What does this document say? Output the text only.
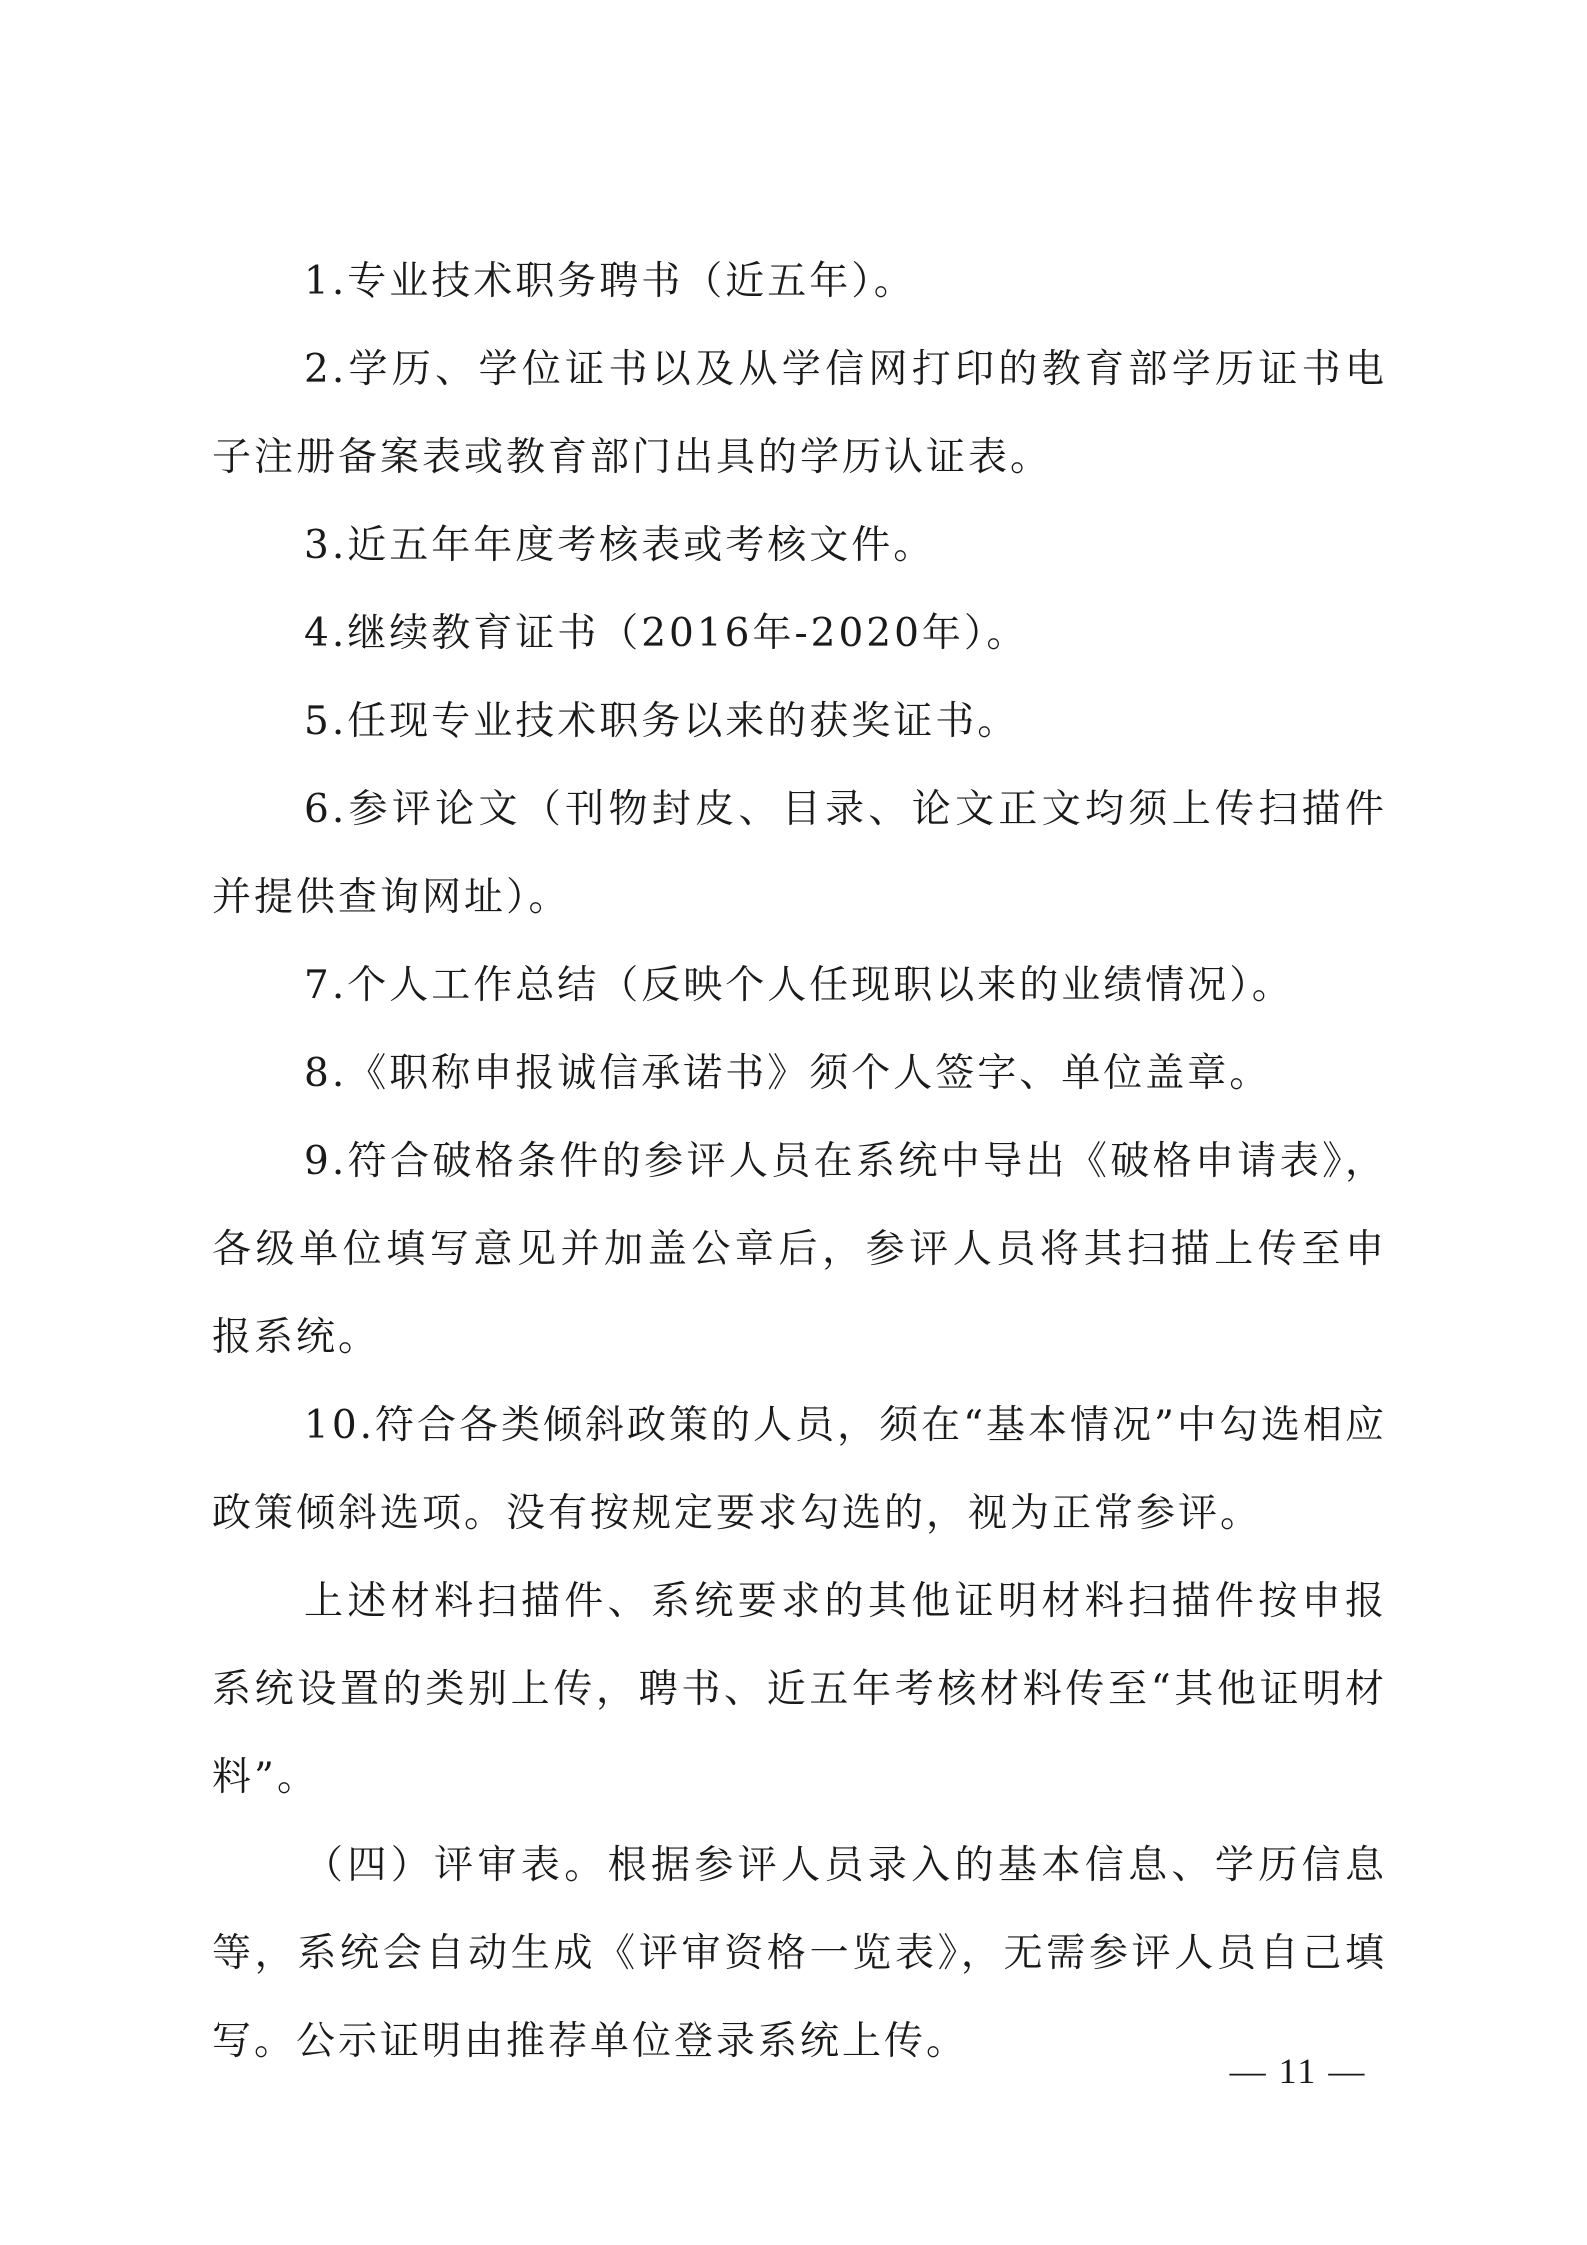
1.专业技术职务聘书（近五年）。

2.学历、学位证书以及从学信网打印的教育部学历证书电子注册备案表或教育部门出具的学历认证表。

3.近五年年度考核表或考核文件。

4.继续教育证书（2016年-2020年）。

5.任现专业技术职务以来的获奖证书。

6.参评论文（刊物封皮、目录、论文正文均须上传扫描件并提供查询网址）。

7.个人工作总结（反映个人任现职以来的业绩情况）。

8.《职称申报诚信承诺书》须个人签字、单位盖章。

9.符合破格条件的参评人员在系统中导出《破格申请表》，各级单位填写意见并加盖公章后，参评人员将其扫描上传至申报系统。

10.符合各类倾斜政策的人员，须在“基本情况”中勾选相应政策倾斜选项。没有按规定要求勾选的，视为正常参评。

上述材料扫描件、系统要求的其他证明材料扫描件按申报系统设置的类别上传，聘书、近五年考核材料传至“其他证明材料”。

（四）评审表。根据参评人员录入的基本信息、学历信息等，系统会自动生成《评审资格一览表》，无需参评人员自己填写。公示证明由推荐单位登录系统上传。

— 11 —
